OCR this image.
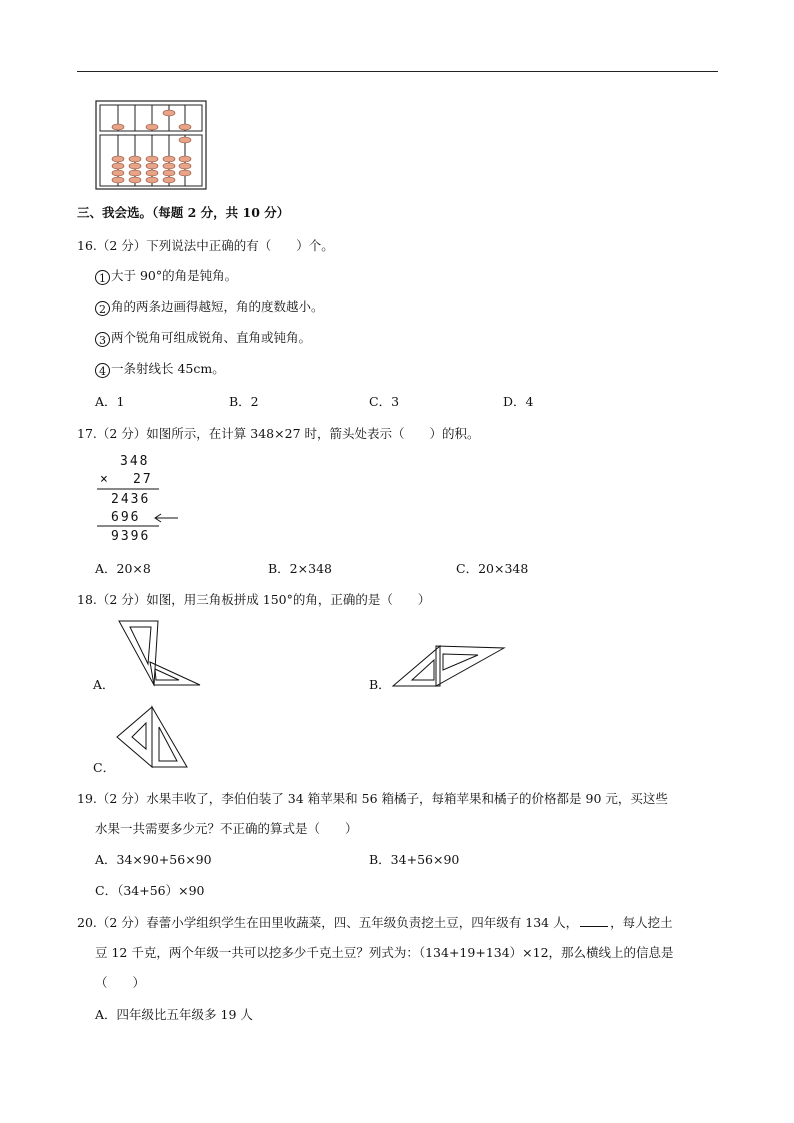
三、我会选。（每题 2 分，共 10 分）
16.（2 分）下列说法中正确的有（　　）个。
1 大于 90°的角是钝角。
2 角的两条边画得越短，角的度数越小。
3 两个锐角可组成锐角、直角或钝角。
4 一条射线长 45cm。
A．1	B．2	C．3	D．4
17.（2 分）如图所示，在计算 348×27 时，箭头处表示（　　）的积。
348
× 27
2436
696
9396
A．20×8	B．2×348	C．20×348
18.（2 分）如图，用三角板拼成 150°的角，正确的是（　　）
A．	B．
C．
19.（2 分）水果丰收了，李伯伯装了 34 箱苹果和 56 箱橘子，每箱苹果和橘子的价格都是 90 元，买这些
水果一共需要多少元？不正确的算式是（　　）
A．34×90+56×90	B．34+56×90
C．（34+56）×90
20.（2 分）春蕾小学组织学生在田里收蔬菜，四、五年级负责挖土豆，四年级有 134 人，	，每人挖土
豆 12 千克，两个年级一共可以挖多少千克土豆？列式为：（134+19+134）×12，那么横线上的信息是
（　　）
A．四年级比五年级多 19 人
